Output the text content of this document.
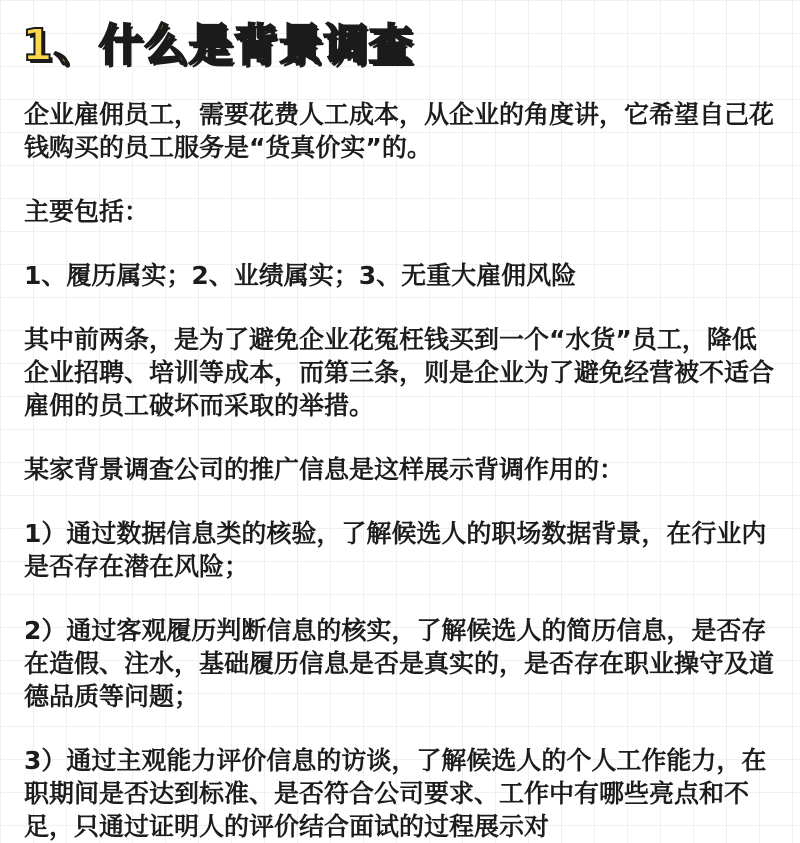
1、什么是背景调查

企业雇佣员工，需要花费人工成本，从企业的角度讲，它希望自己花钱购买的员工服务是“货真价实”的。

主要包括：

1、履历属实；2、业绩属实；3、无重大雇佣风险

其中前两条，是为了避免企业花冤枉钱买到一个“水货”员工，降低企业招聘、培训等成本，而第三条，则是企业为了避免经营被不适合雇佣的员工破坏而采取的举措。

某家背景调查公司的推广信息是这样展示背调作用的：

1）通过数据信息类的核验，了解候选人的职场数据背景，在行业内是否存在潜在风险；

2）通过客观履历判断信息的核实，了解候选人的简历信息，是否存在造假、注水，基础履历信息是否是真实的，是否存在职业操守及道德品质等问题；

3）通过主观能力评价信息的访谈，了解候选人的个人工作能力，在职期间是否达到标准、是否符合公司要求、工作中有哪些亮点和不足，只通过证明人的评价结合面试的过程展示对
